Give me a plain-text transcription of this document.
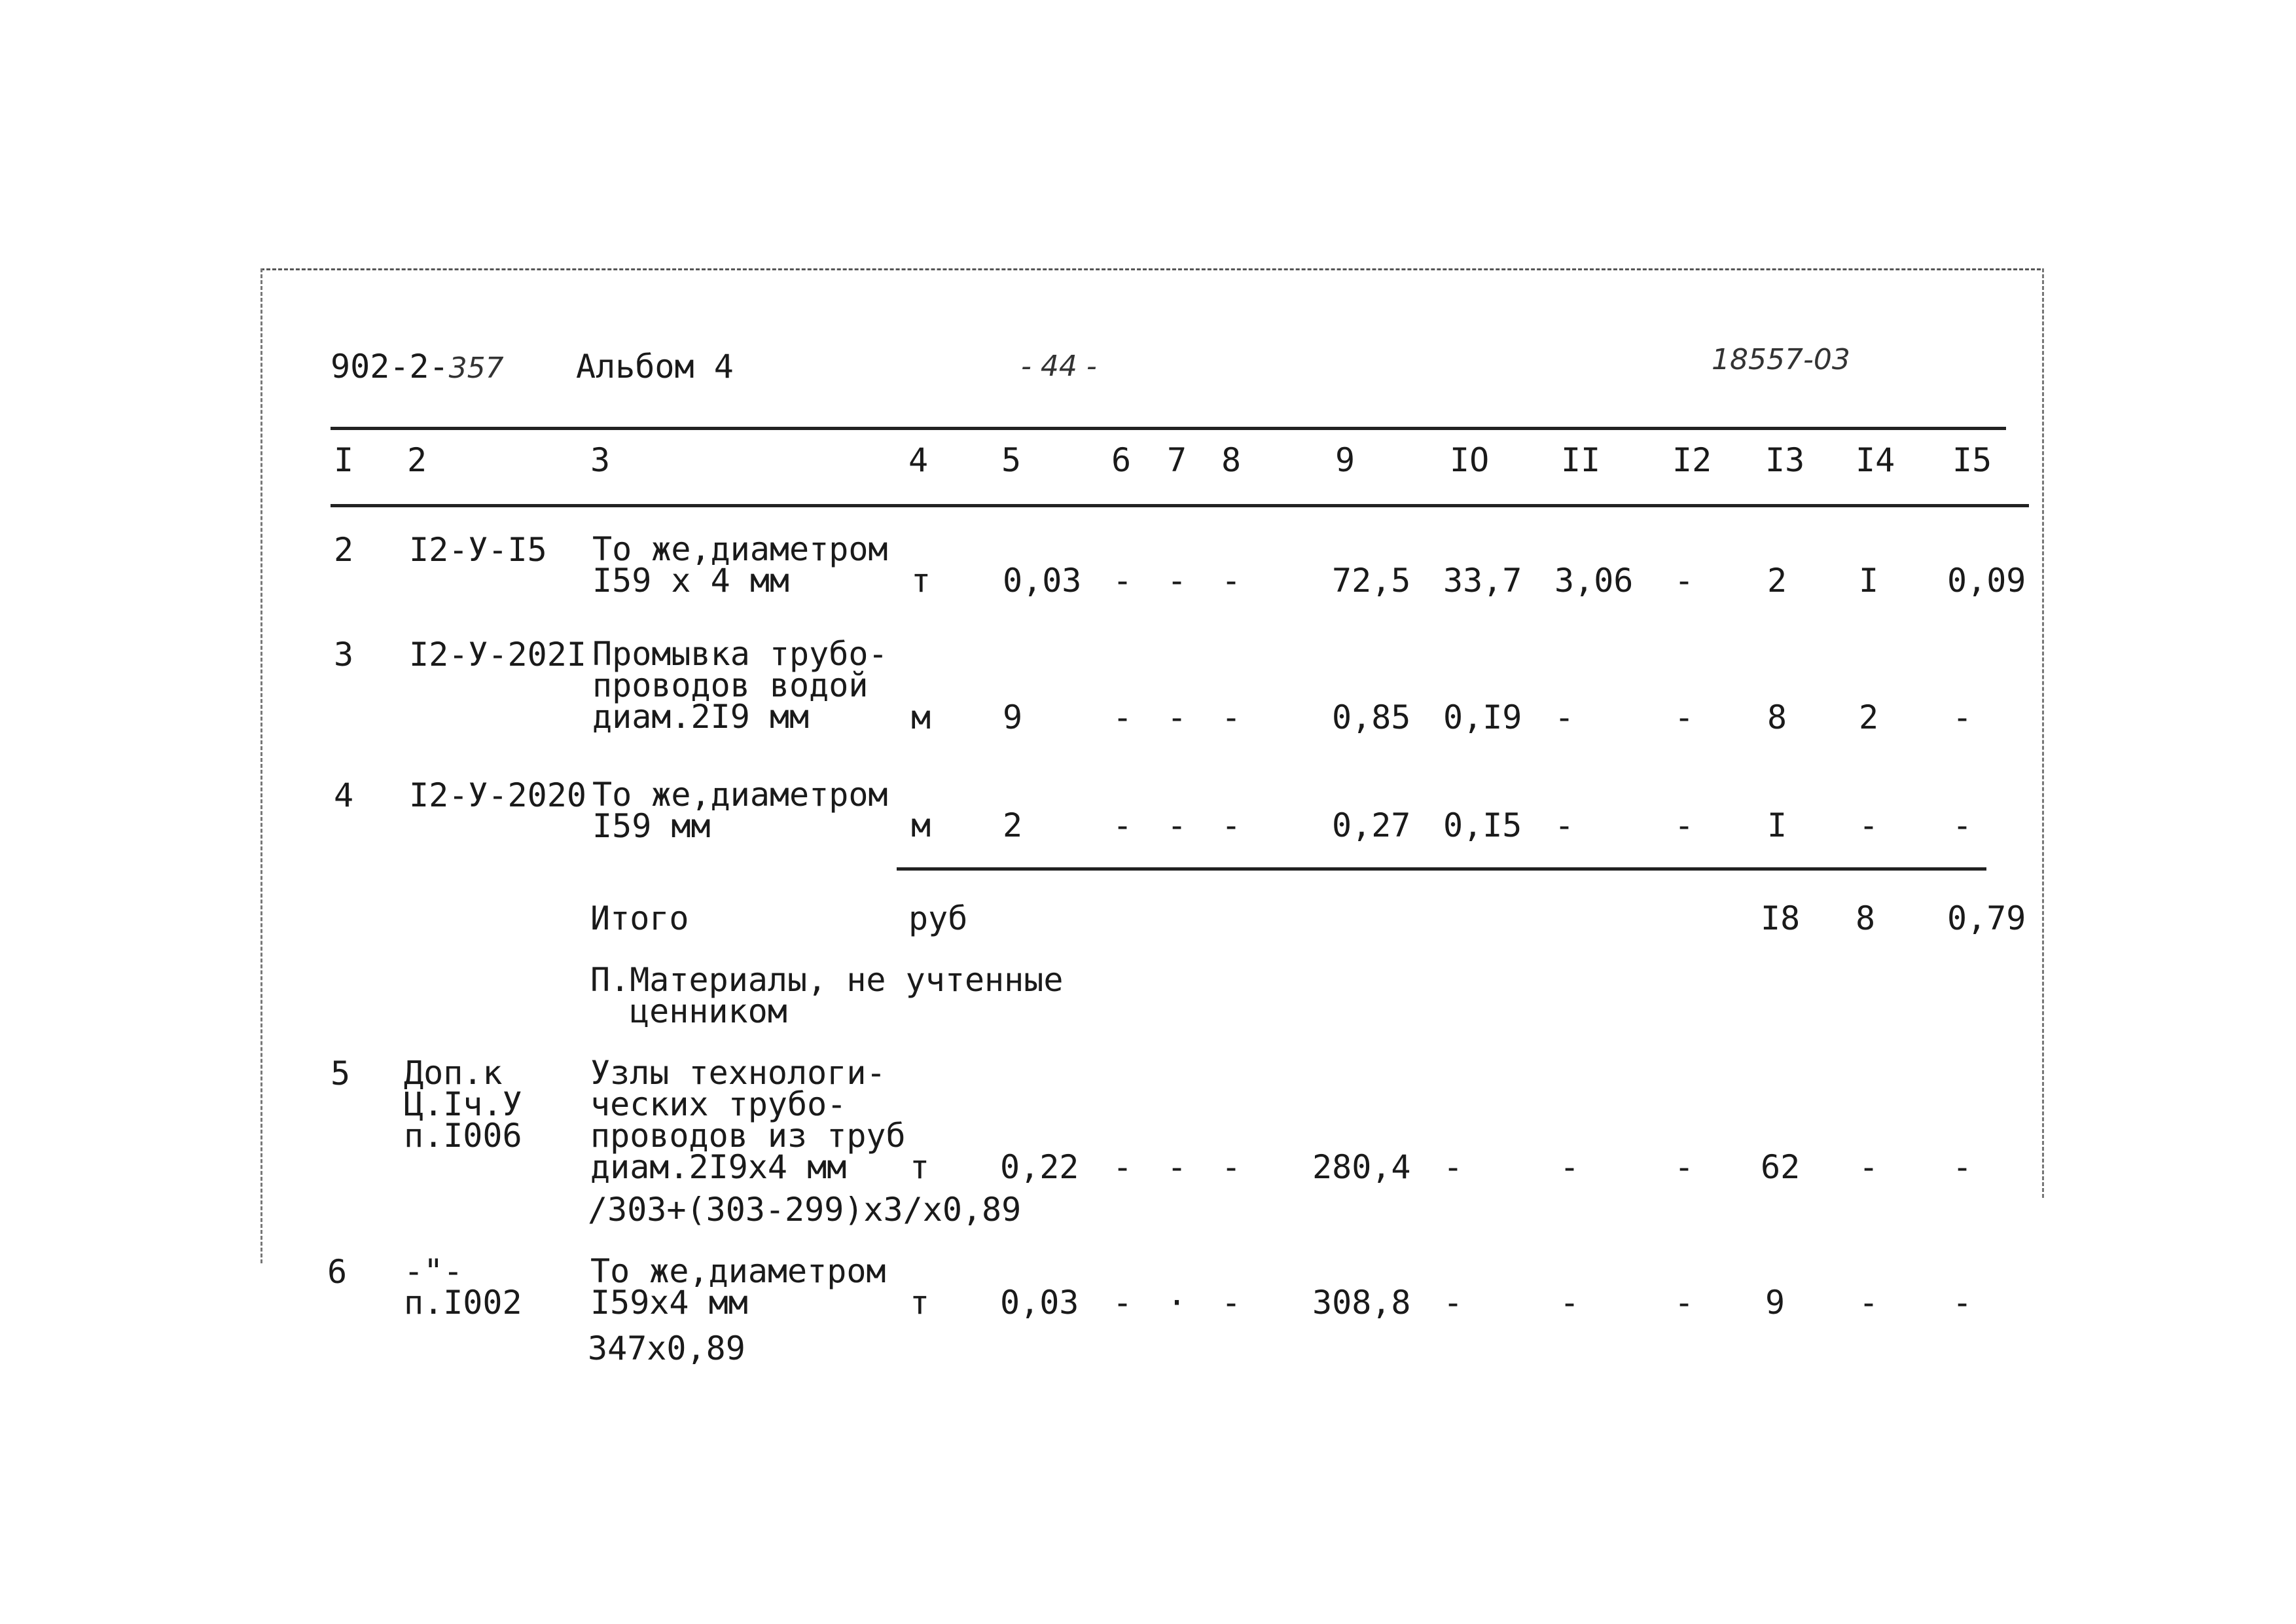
902-2-357 Альбом 4	- 44 -	18557-03
I 2	3	4 5	6 7 8	9	IO II I2 I3 I4 I5
2 I2-У-I5 То же,диаметром
I59 х 4 мм	т 0,03 - - -	72,5 33,7 3,06 - 2 I 0,09
3 I2-У-202I Промывка трубо-
проводов водой
диам.2I9 мм	м 9	- - -	0,85 0,I9 -	- 8 2 -
4 I2-У-2020 То же,диаметром
I59 мм	м 2	- - -	0,27 0,I5 -	- I - -
Итого	руб	I8 8 0,79
П.Материалы, не учтенные
ценником
5 Доп.к
Ц.Iч.У
п.I006
Узлы технологи-
ческих трубо-
проводов из труб
диам.2I9х4 мм
/303+(303-299)х3/х0,89
т 0,22 - - - 280,4 -	-	- 62 - -
6 -"-
п.I002
То же,диаметром
I59х4 мм
347х0,89
т 0,03 - · - 308,8 -	-	- 9 - -
